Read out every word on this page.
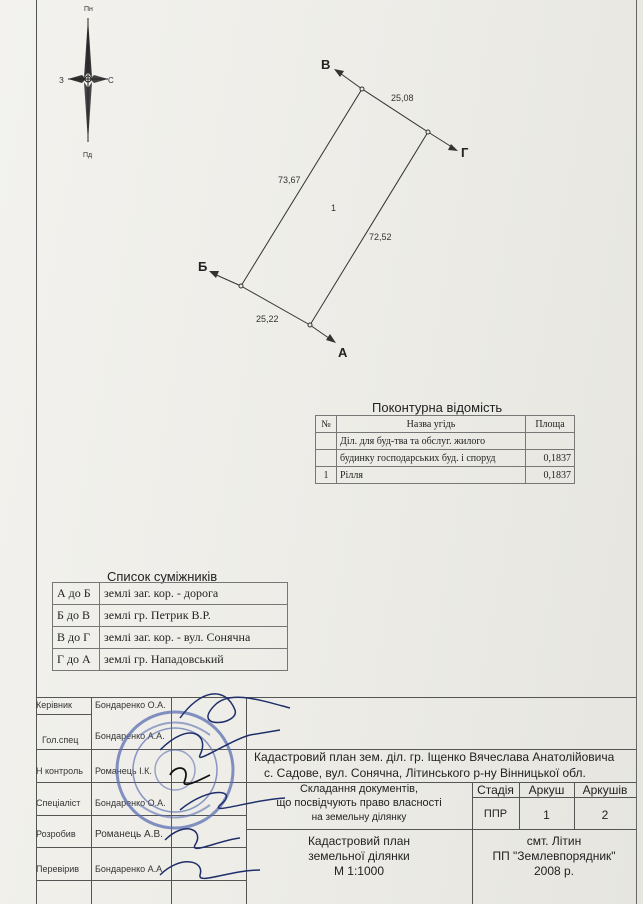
Пн
Пд
З	С
А
Б
В
Г
25,22
73,67
25,08
72,52
1
Поконтурна відомість
№	Назва угідь	Площа
	Діл. для буд-тва та обслуг. жилого	
	будинку господарських буд. і споруд	0,1837
1	Рілля	0,1837
Список суміжників
А до Б	землі заг. кор. - дорога
Б до В	землі гр. Петрик В.Р.
В до Г	землі заг. кор. - вул. Сонячна
Г до А	землі гр. Нападовський
Керівник	Бондаренко О.А.
Гол.спец Бондаренко А.А.
Н контроль Романець І.К.
Спеціаліст Бондаренко О.А.
Розробив Романець А.В.
Перевірив Бондаренко А.А.
Кадастровий план зем. діл. гр. Іщенко Вячеслава Анатолійовича
с. Садове, вул. Сонячна, Літинського р-ну Вінницької обл.
Складання документів,
що посвідчують право власності
на земельну ділянку
Стадія	Аркуш	Аркушів
ППР	1	2
Кадастровий план
земельної ділянки
М 1:1000
смт. Літин
ПП "Землевпорядник"
2008 р.
